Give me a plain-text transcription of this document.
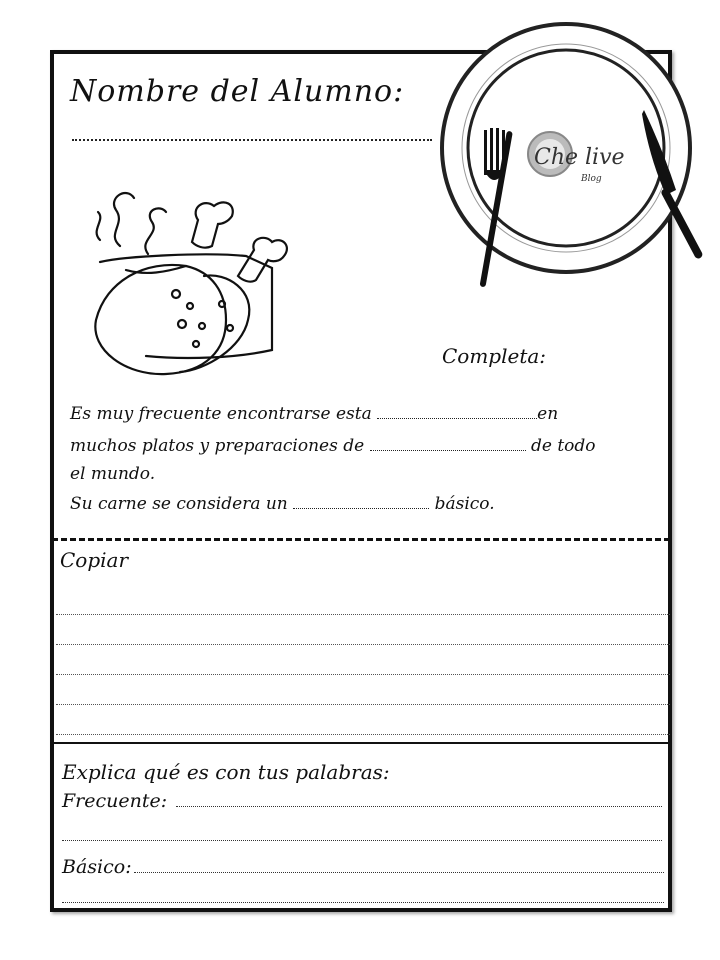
Nombre del Alumno:
Che live
Blog
Completa:
Es muy frecuente encontrarse esta	en
muchos platos y preparaciones de	de todo
el mundo.
Su carne se considera un	básico.
Copiar
Explica qué es con tus palabras:
Frecuente:
Básico:
